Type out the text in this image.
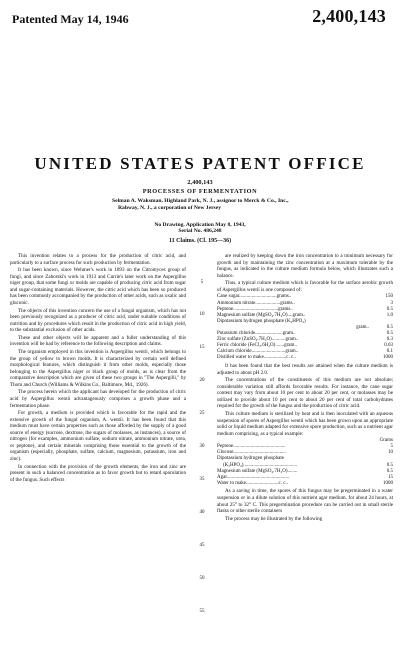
Patented May 14, 1946	2,400,143
UNITED STATES PATENT OFFICE
2,400,143
PROCESSES OF FERMENTATION
Selman A. Waksman, Highland Park, N. J., assignor to Merck & Co., Inc., Rahway, N. J., a corporation of New Jersey
No Drawing. Application May 8, 1943,
Serial No. 486,248
11 Claims. (Cl. 195—36)

This invention relates to a process for the production of citric acid, and particularly to a surface process for such production by fermentation.

It has been known, since Wehmer's work in 1893 on the Citromyces group of fungi, and since Zahorski's work in 1913 and Currie's later work on the Aspergillus niger group, that some fungi or molds are capable of producing citric acid from sugar and sugar-containing materials. However, the citric acid which has been so produced has been commonly accompanied by the production of other acids, such as oxalic and gluconic.

The objects of this invention concern the use of a fungal organism, which has not been previously recognized as a producer of citric acid, under suitable conditions of nutrition and by procedures which result in the production of citric acid in high yield, to the substantial exclusion of other acids.

These and other objects will be apparent and a fuller understanding of this invention will be had by reference to the following description and claims.

The organism employed in this invention is Aspergillus wentii, which belongs to the group of yellow to brown molds. It is characterized by certain well defined morphological features, which distinguish it from other molds, especially those belonging to the Aspergillus niger or black group of molds, as is clear from the comparative description which are given of these two groups in "The Aspergilli," by Thom and Church (Williams & Wilkins Co., Baltimore, Md., 1926).

The process herein which the applicant has developed for the production of citric acid by Aspergillus wentii advantageously comprises a growth phase and a fermentation phase.

For growth, a medium is provided which is favorable for the rapid and the extensive growth of the fungal organism, A. wentii. It has been found that this medium must have certain properties such as those afforded by the supply of a good source of energy (sucrose, dextrose, the sugars of molasses, as instances), a source of nitrogen (for examples, ammonium sulfate, sodium nitrate, ammonium nitrate, urea, or peptone), and certain minerals comprising those essential to the growth of the organism (especially, phosphate, sulfate, calcium, magnesium, potassium, iron and zinc).

In connection with the provision of the growth elements, the iron and zinc are present in such a balanced concentration as to favor growth but to retard sporulation of the fungus. Such effects

5
10
15
20
25
30
35
40
45
50
55

are realized by keeping down the iron concentration to a minimum necessary for growth and by maintaining the zinc concentration at a maximum tolerable by the fungus, as indicated in the culture medium formula below, which illustrates such a balance.

Thus, a typical culture medium which is favorable for the surface aerobic growth of Aspergillus wentii is one composed of:

Cane sugar..............................grams..	150
Ammonium nitrate....................grams..	3
Peptone....................................grams..	0.5
Magnesium sulfate (MgSO₄.7H₂O)....gram..	1.0
Dipotassium hydrogen phosphate (K₂HPO₄)	
gram..	0.5
Potassium chloride......................gram..	0.5
Zinc sulfate (ZnSO₄.7H₂O)...........gram..	0.3
Ferric chloride (FeCl₃.6H₂O).......gram..	0.03
Calcium chloride...........................gram..	0.1
Distilled water to make..................c. c..	1000

It has been found that the best results are attained when the culture medium is adjusted to about pH 2.0.

The concentrations of the constituents of this medium are not absolute; considerable variation still affords favorable results. For instance, the cane sugar content may vary from about 10 per cent to about 20 per cent, or molasses may be utilized to provide about 10 per cent to about 20 per cent of total carbohydrates required for the growth of the fungus and the production of citric acid.

This culture medium is sterilized by heat and is then inoculated with an aqueous suspension of spores of Aspergillus wentii which has been grown upon an appropriate solid or liquid medium adapted for extensive spore production, such as a nutrient agar medium comprising, as a typical example:

Grams
Peptone..........................................	5
Glucose..........................................	10
Dipotassium hydrogen phosphate	
(K₂HPO₄)...........................................	0.5
Magnesium sulfate (MgSO₄.7H₂O)........	0.5
Agar..................................................	15
Water to make..........................c. c..	1000

As a saving in time, the spores of this fungus may be pregerminated in a water suspension or in a dilute solution of this nutrient agar medium, for about 24 hours, at about 25° to 32° C. This pregermination procedure can be carried out in small sterile flasks or other sterile containers

The process may be illustrated by the following
